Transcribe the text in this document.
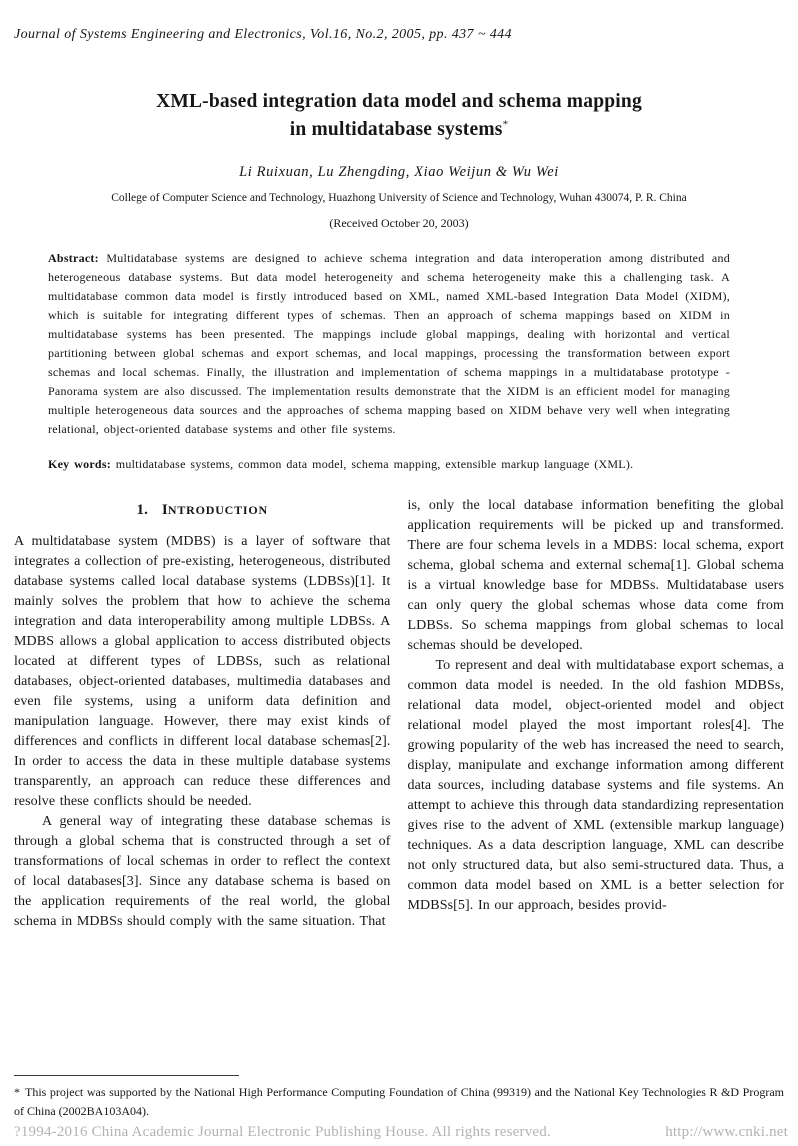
Journal of Systems Engineering and Electronics, Vol.16, No.2, 2005, pp. 437 ~ 444
XML-based integration data model and schema mapping
in multidatabase systems*
Li Ruixuan, Lu Zhengding, Xiao Weijun & Wu Wei
College of Computer Science and Technology, Huazhong University of Science and Technology, Wuhan 430074, P. R. China
(Received October 20, 2003)
Abstract: Multidatabase systems are designed to achieve schema integration and data interoperation among distributed and heterogeneous database systems. But data model heterogeneity and schema heterogeneity make this a challenging task. A multidatabase common data model is firstly introduced based on XML, named XML-based Integration Data Model (XIDM), which is suitable for integrating different types of schemas. Then an approach of schema mappings based on XIDM in multidatabase systems has been presented. The mappings include global mappings, dealing with horizontal and vertical partitioning between global schemas and export schemas, and local mappings, processing the transformation between export schemas and local schemas. Finally, the illustration and implementation of schema mappings in a multidatabase prototype - Panorama system are also discussed. The implementation results demonstrate that the XIDM is an efficient model for managing multiple heterogeneous data sources and the approaches of schema mapping based on XIDM behave very well when integrating relational, object-oriented database systems and other file systems.
Key words: multidatabase systems, common data model, schema mapping, extensible markup language (XML).
1. INTRODUCTION

A multidatabase system (MDBS) is a layer of software that integrates a collection of pre-existing, heterogeneous, distributed database systems called local database systems (LDBSs)[1]. It mainly solves the problem that how to achieve the schema integration and data interoperability among multiple LDBSs. A MDBS allows a global application to access distributed objects located at different types of LDBSs, such as relational databases, object-oriented databases, multimedia databases and even file systems, using a uniform data definition and manipulation language. However, there may exist kinds of differences and conflicts in different local database schemas[2]. In order to access the data in these multiple database systems transparently, an approach can reduce these differences and resolve these conflicts should be needed.

A general way of integrating these database schemas is through a global schema that is constructed through a set of transformations of local schemas in order to reflect the context of local databases[3]. Since any database schema is based on the application requirements of the real world, the global schema in MDBSs should comply with the same situation. That

is, only the local database information benefiting the global application requirements will be picked up and transformed. There are four schema levels in a MDBS: local schema, export schema, global schema and external schema[1]. Global schema is a virtual knowledge base for MDBSs. Multidatabase users can only query the global schemas whose data come from LDBSs. So schema mappings from global schemas to local schemas should be developed.

To represent and deal with multidatabase export schemas, a common data model is needed. In the old fashion MDBSs, relational data model, object-oriented model and object relational model played the most important roles[4]. The growing popularity of the web has increased the need to search, display, manipulate and exchange information among different data sources, including database systems and file systems. An attempt to achieve this through data standardizing representation gives rise to the advent of XML (extensible markup language) techniques. As a data description language, XML can describe not only structured data, but also semi-structured data. Thus, a common data model based on XML is a better selection for MDBSs[5]. In our approach, besides provid-

* This project was supported by the National High Performance Computing Foundation of China (99319) and the National Key Technologies R &D Program of China (2002BA103A04).
?1994-2016 China Academic Journal Electronic Publishing House. All rights reserved.	http://www.cnki.net
